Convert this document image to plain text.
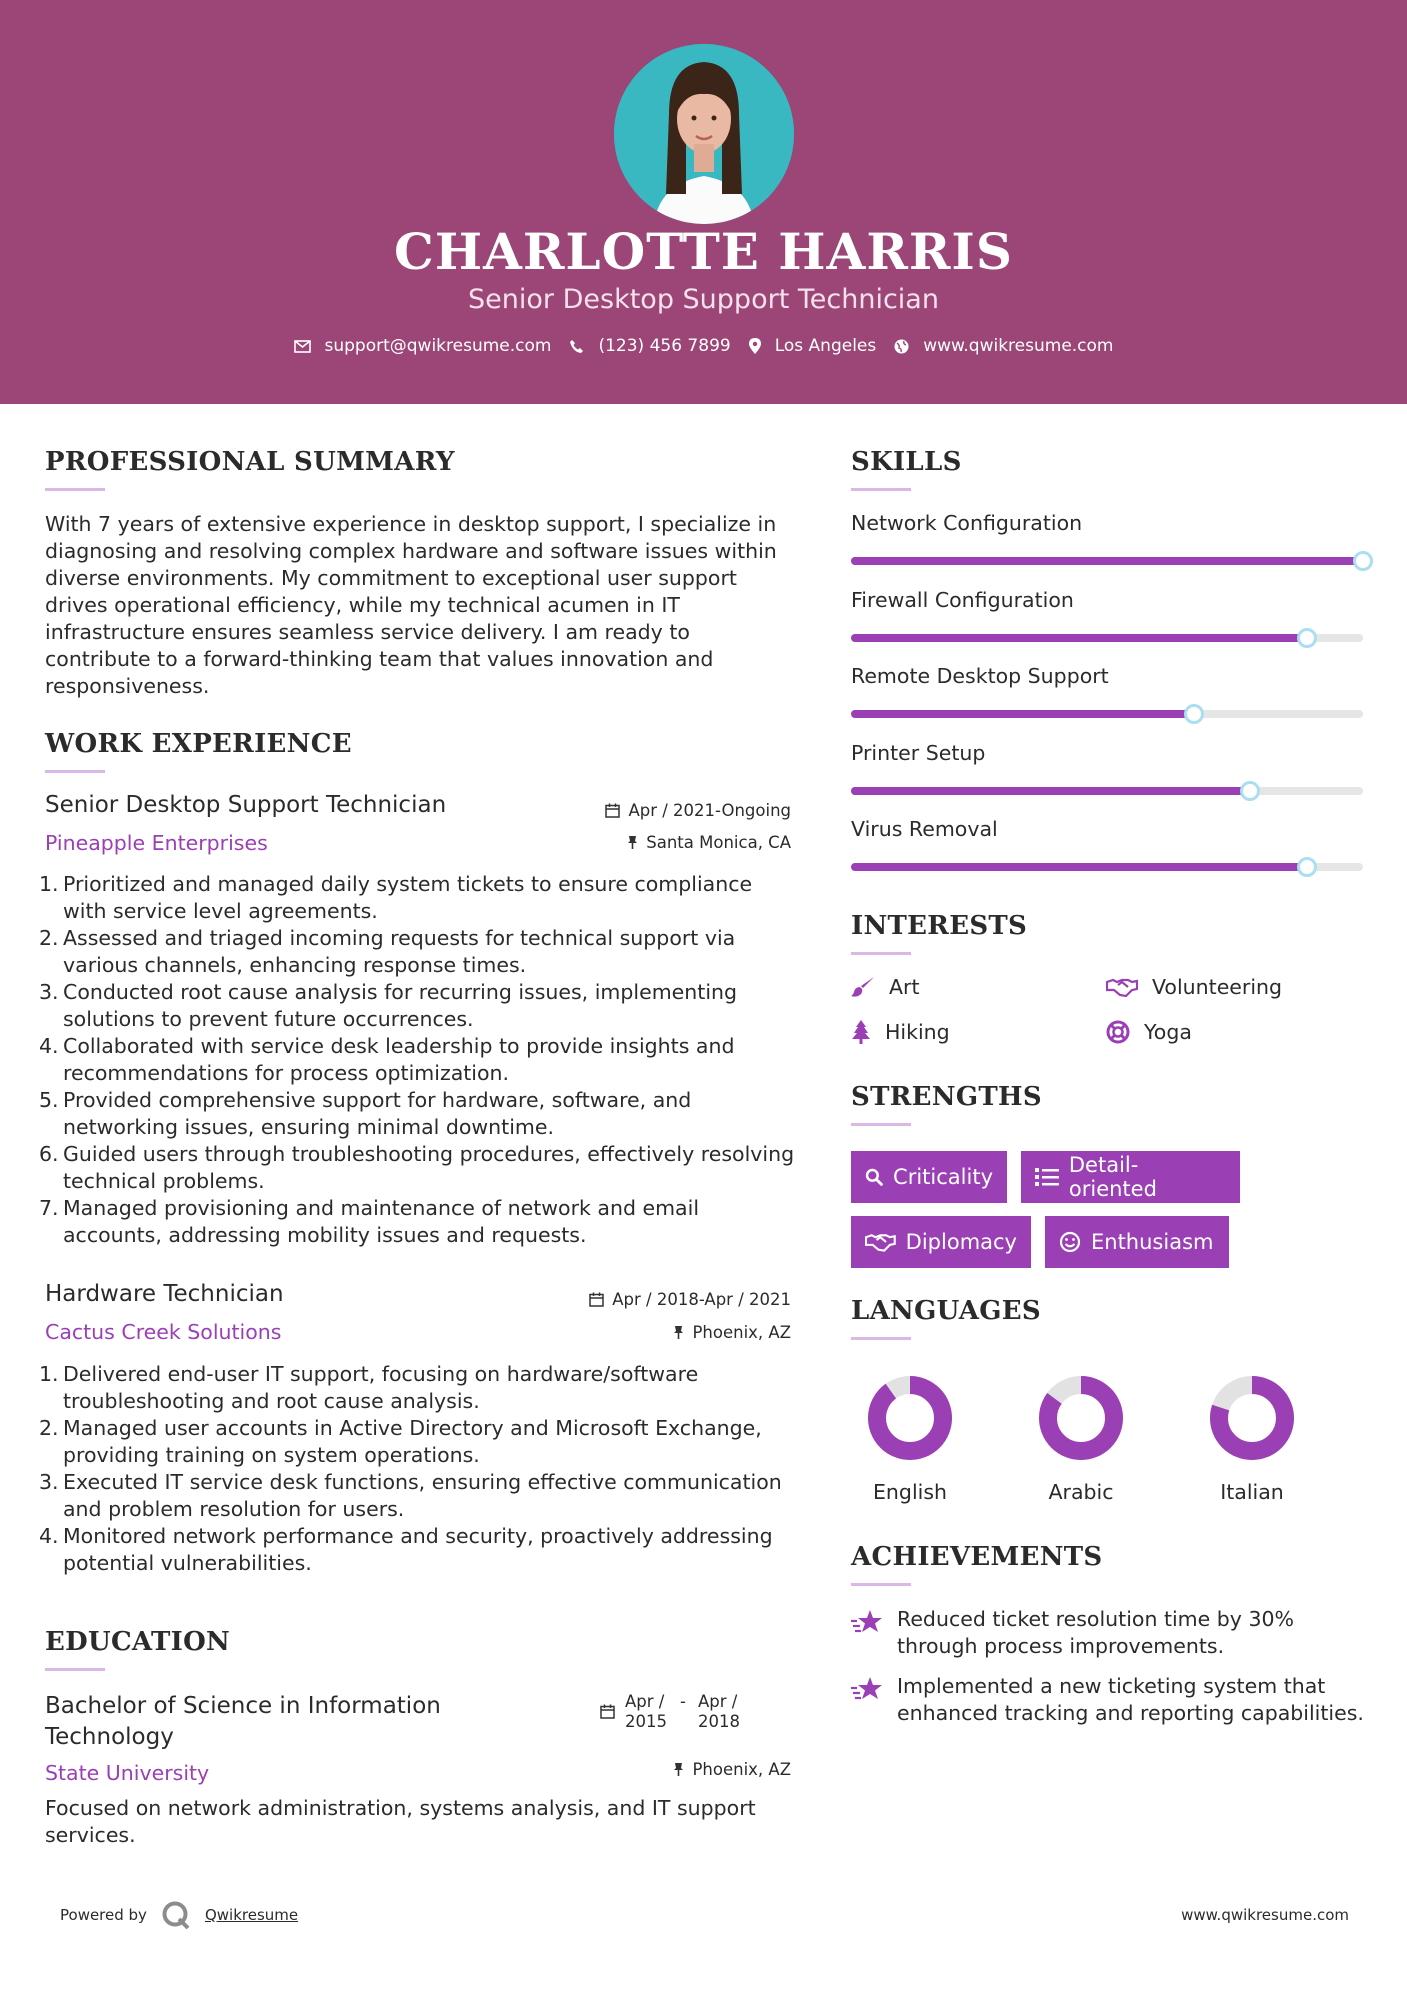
CHARLOTTE HARRIS
Senior Desktop Support Technician
support@qwikresume.com	(123) 456 7899	Los Angeles	www.qwikresume.com
PROFESSIONAL SUMMARY
With 7 years of extensive experience in desktop support, I specialize in diagnosing and resolving complex hardware and software issues within diverse environments. My commitment to exceptional user support drives operational efficiency, while my technical acumen in IT infrastructure ensures seamless service delivery. I am ready to contribute to a forward-thinking team that values innovation and responsiveness.
WORK EXPERIENCE
Senior Desktop Support Technician	Apr / 2021-Ongoing
Pineapple Enterprises	Santa Monica, CA
1. Prioritized and managed daily system tickets to ensure compliance with service level agreements.
2. Assessed and triaged incoming requests for technical support via various channels, enhancing response times.
3. Conducted root cause analysis for recurring issues, implementing solutions to prevent future occurrences.
4. Collaborated with service desk leadership to provide insights and recommendations for process optimization.
5. Provided comprehensive support for hardware, software, and networking issues, ensuring minimal downtime.
6. Guided users through troubleshooting procedures, effectively resolving technical problems.
7. Managed provisioning and maintenance of network and email accounts, addressing mobility issues and requests.
Hardware Technician	Apr / 2018-Apr / 2021
Cactus Creek Solutions	Phoenix, AZ
1. Delivered end-user IT support, focusing on hardware/software troubleshooting and root cause analysis.
2. Managed user accounts in Active Directory and Microsoft Exchange, providing training on system operations.
3. Executed IT service desk functions, ensuring effective communication and problem resolution for users.
4. Monitored network performance and security, proactively addressing potential vulnerabilities.
EDUCATION
Bachelor of Science in Information Technology
Apr / 2015
- Apr / 2018
State University	Phoenix, AZ
Focused on network administration, systems analysis, and IT support services.
SKILLS
Network Configuration
Firewall Configuration
Remote Desktop Support
Printer Setup
Virus Removal
INTERESTS
Art	Volunteering
Hiking	Yoga
STRENGTHS
Criticality	Detail-oriented
Diplomacy	Enthusiasm
LANGUAGES
English	Arabic	Italian
ACHIEVEMENTS
Reduced ticket resolution time by 30% through process improvements.
Implemented a new ticketing system that enhanced tracking and reporting capabilities.
Powered by	Qwikresume	www.qwikresume.com
